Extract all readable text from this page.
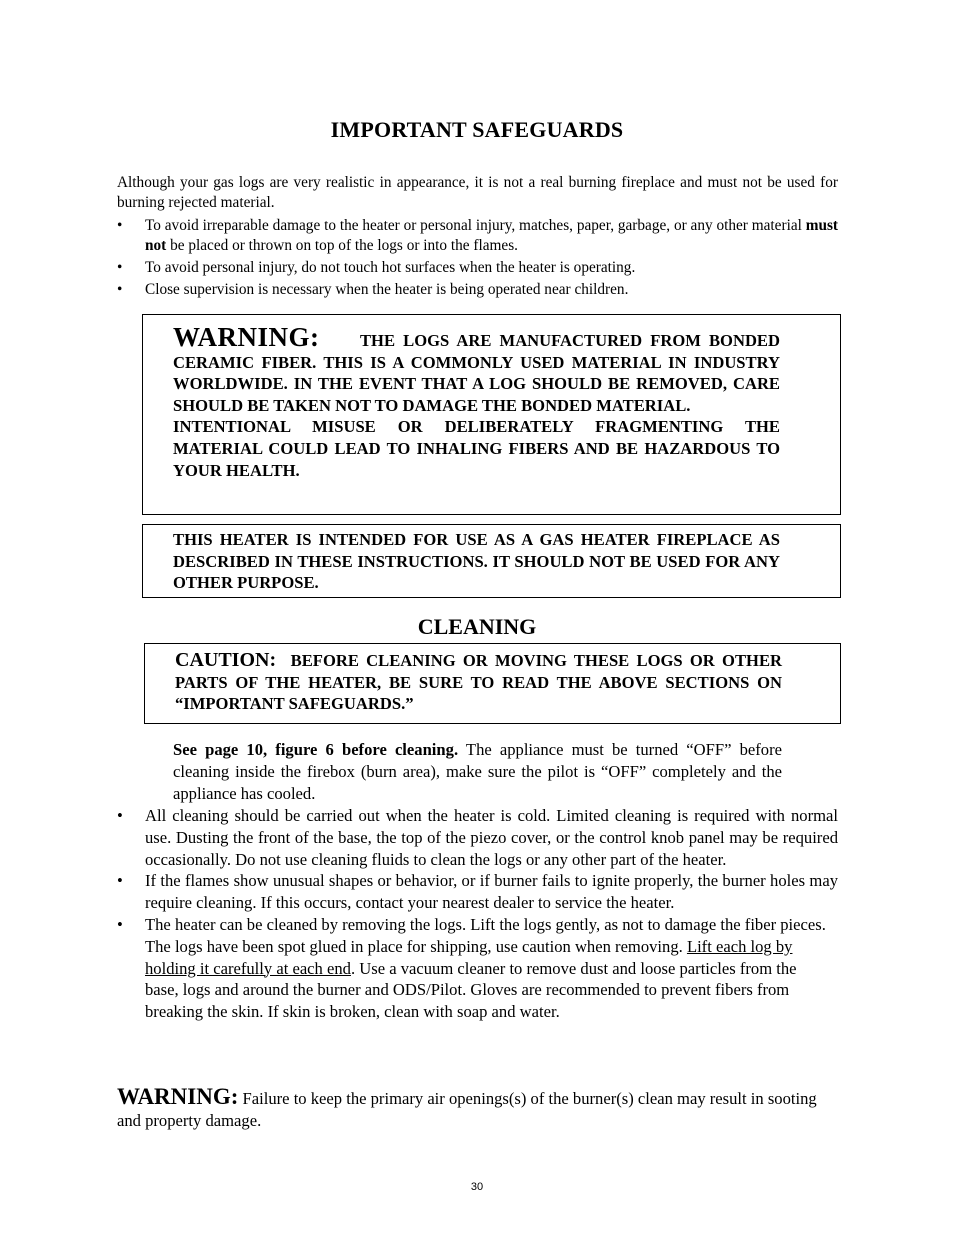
IMPORTANT SAFEGUARDS
Although your gas logs are very realistic in appearance, it is not a real burning fireplace and must not be used for burning rejected material.
• To avoid irreparable damage to the heater or personal injury, matches, paper, garbage, or any other material must not be placed or thrown on top of the logs or into the flames.
• To avoid personal injury, do not touch hot surfaces when the heater is operating.
• Close supervision is necessary when the heater is being operated near children.
WARNING: THE LOGS ARE MANUFACTURED FROM BONDED CERAMIC FIBER. THIS IS A COMMONLY USED MATERIAL IN INDUSTRY WORLDWIDE. IN THE EVENT THAT A LOG SHOULD BE REMOVED, CARE SHOULD BE TAKEN NOT TO DAMAGE THE BONDED MATERIAL.
INTENTIONAL MISUSE OR DELIBERATELY FRAGMENTING THE MATERIAL COULD LEAD TO INHALING FIBERS AND BE HAZARDOUS TO YOUR HEALTH.
THIS HEATER IS INTENDED FOR USE AS A GAS HEATER FIREPLACE AS DESCRIBED IN THESE INSTRUCTIONS. IT SHOULD NOT BE USED FOR ANY OTHER PURPOSE.
CLEANING
CAUTION: BEFORE CLEANING OR MOVING THESE LOGS OR OTHER PARTS OF THE HEATER, BE SURE TO READ THE ABOVE SECTIONS ON “IMPORTANT SAFEGUARDS.”
See page 10, figure 6 before cleaning. The appliance must be turned “OFF” before cleaning inside the firebox (burn area), make sure the pilot is “OFF” completely and the appliance has cooled.
• All cleaning should be carried out when the heater is cold. Limited cleaning is required with normal use. Dusting the front of the base, the top of the piezo cover, or the control knob panel may be required occasionally. Do not use cleaning fluids to clean the logs or any other part of the heater.
• If the flames show unusual shapes or behavior, or if burner fails to ignite properly, the burner holes may require cleaning. If this occurs, contact your nearest dealer to service the heater.
• The heater can be cleaned by removing the logs. Lift the logs gently, as not to damage the fiber pieces. The logs have been spot glued in place for shipping, use caution when removing. Lift each log by holding it carefully at each end. Use a vacuum cleaner to remove dust and loose particles from the base, logs and around the burner and ODS/Pilot. Gloves are recommended to prevent fibers from breaking the skin. If skin is broken, clean with soap and water.
WARNING: Failure to keep the primary air openings(s) of the burner(s) clean may result in sooting and property damage.
30
